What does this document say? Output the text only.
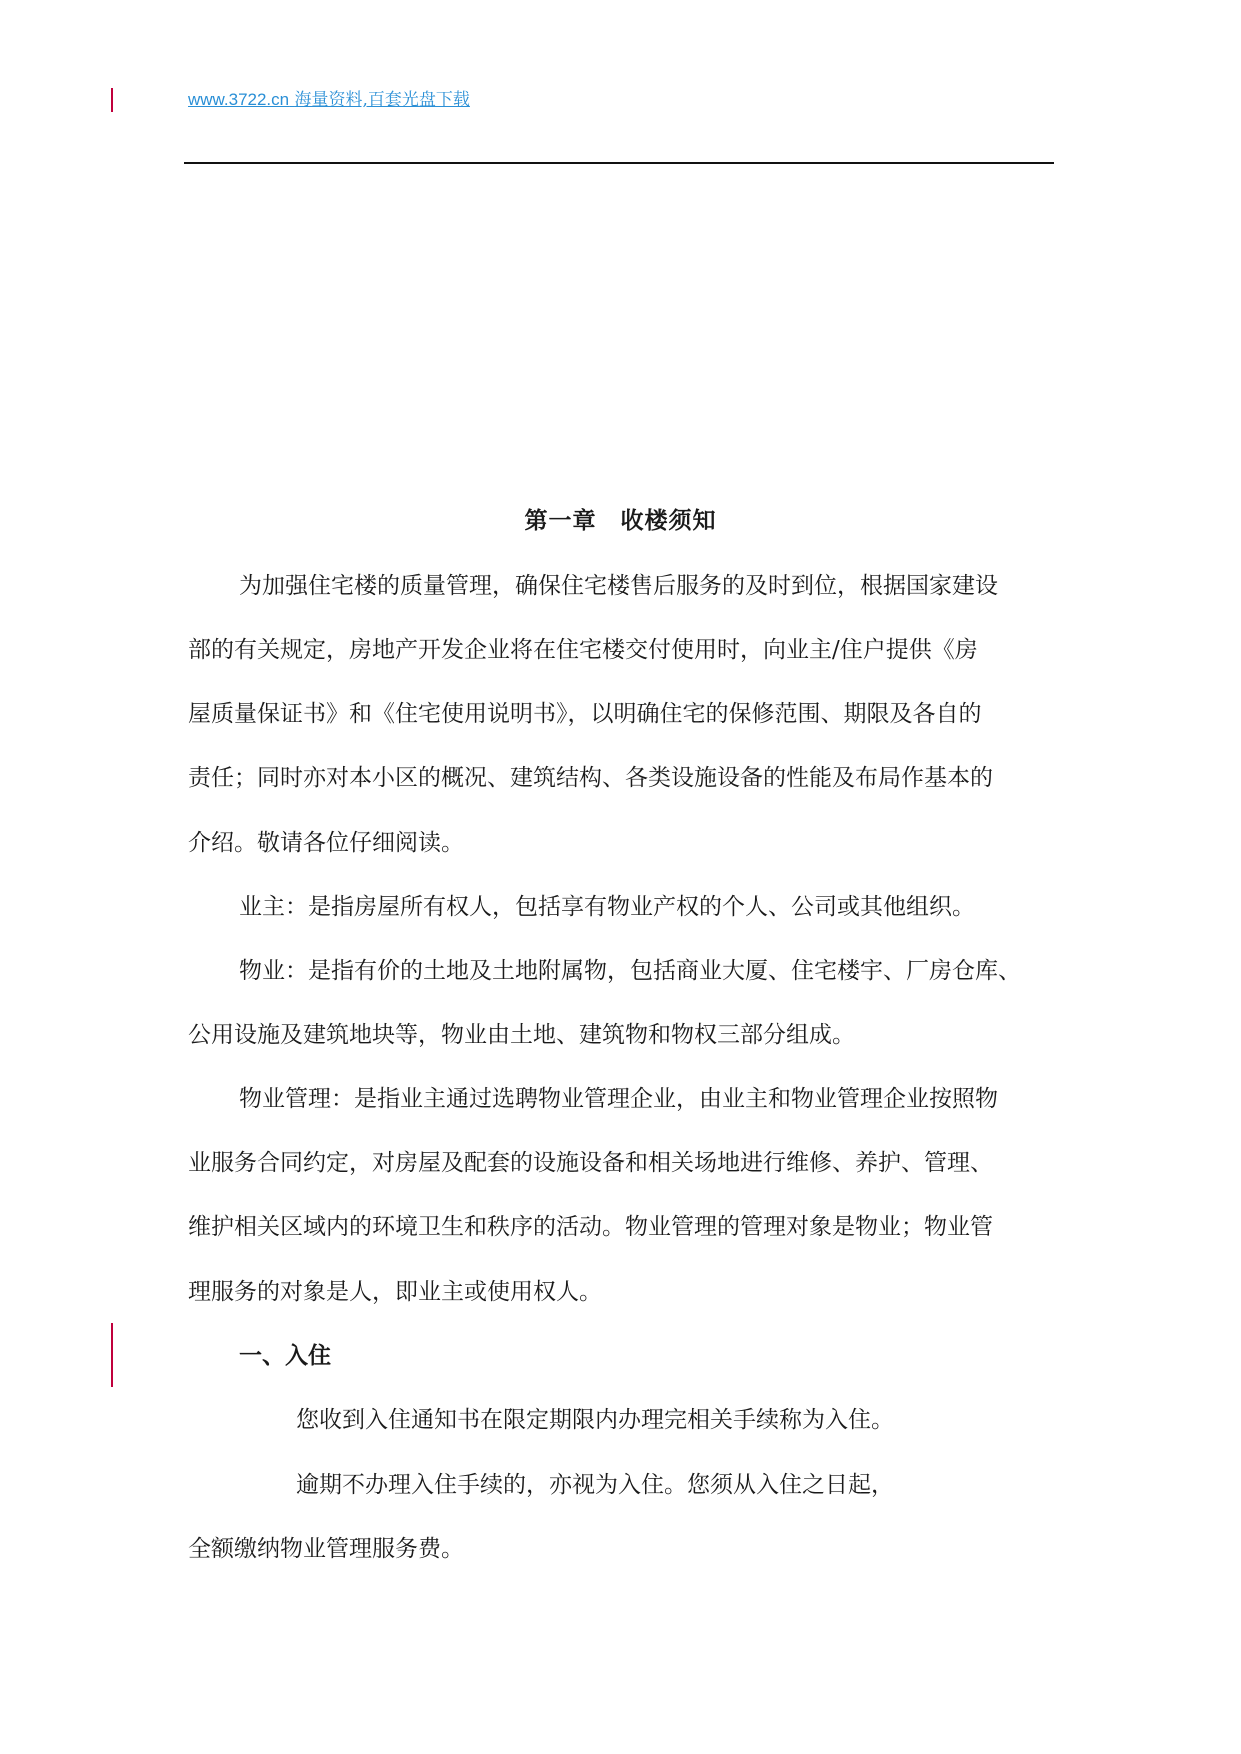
www.3722.cn 海量资料,百套光盘下载
第一章　收楼须知
为加强住宅楼的质量管理，确保住宅楼售后服务的及时到位，根据国家建设
部的有关规定，房地产开发企业将在住宅楼交付使用时，向业主/住户提供《房
屋质量保证书》和《住宅使用说明书》，以明确住宅的保修范围、期限及各自的
责任；同时亦对本小区的概况、建筑结构、各类设施设备的性能及布局作基本的
介绍。敬请各位仔细阅读。
业主：是指房屋所有权人，包括享有物业产权的个人、公司或其他组织。
物业：是指有价的土地及土地附属物，包括商业大厦、住宅楼宇、厂房仓库、
公用设施及建筑地块等，物业由土地、建筑物和物权三部分组成。
物业管理：是指业主通过选聘物业管理企业，由业主和物业管理企业按照物
业服务合同约定，对房屋及配套的设施设备和相关场地进行维修、养护、管理、
维护相关区域内的环境卫生和秩序的活动。物业管理的管理对象是物业；物业管
理服务的对象是人，即业主或使用权人。
一、入住
您收到入住通知书在限定期限内办理完相关手续称为入住。
逾期不办理入住手续的，亦视为入住。您须从入住之日起，
全额缴纳物业管理服务费。
